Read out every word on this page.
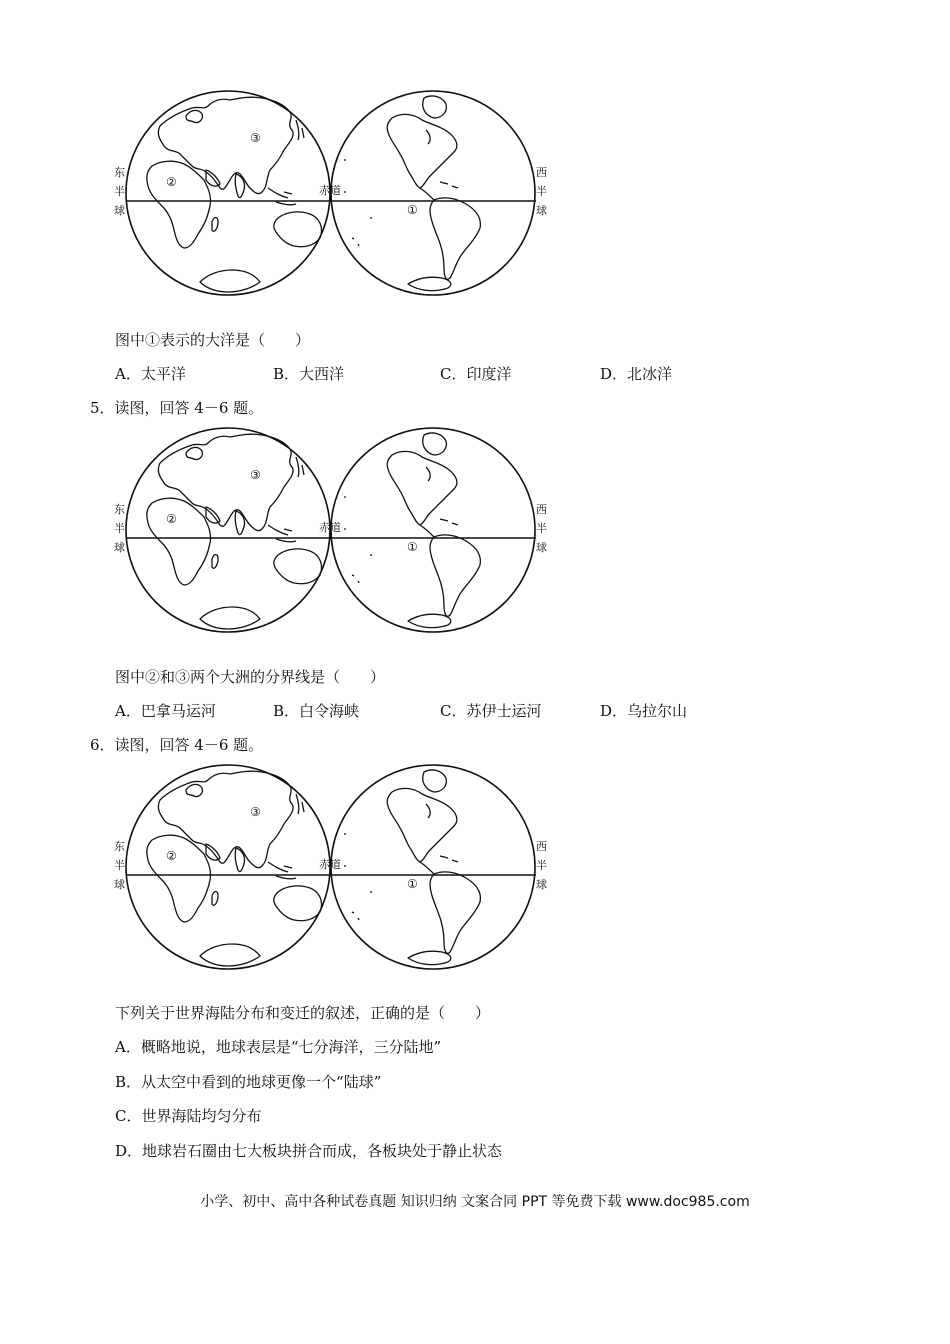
东
半
球
西
半
球
赤道
②
③
①
图中①表示的大洋是（　　）
A．太平洋	B．大西洋	C．印度洋	D．北冰洋
5．读图，回答 4－6 题。
东
半
球
西
半
球
赤道
②
③
①
图中②和③两个大洲的分界线是（　　）
A．巴拿马运河	B．白令海峡	C．苏伊士运河	D．乌拉尔山
6．读图，回答 4－6 题。
东
半
球
西
半
球
赤道
②
③
①
下列关于世界海陆分布和变迁的叙述，正确的是（　　）
A．概略地说，地球表层是“七分海洋，三分陆地”
B．从太空中看到的地球更像一个“陆球”
C．世界海陆均匀分布
D．地球岩石圈由七大板块拼合而成，各板块处于静止状态
小学、初中、高中各种试卷真题 知识归纳 文案合同 PPT 等免费下载 www.doc985.com
